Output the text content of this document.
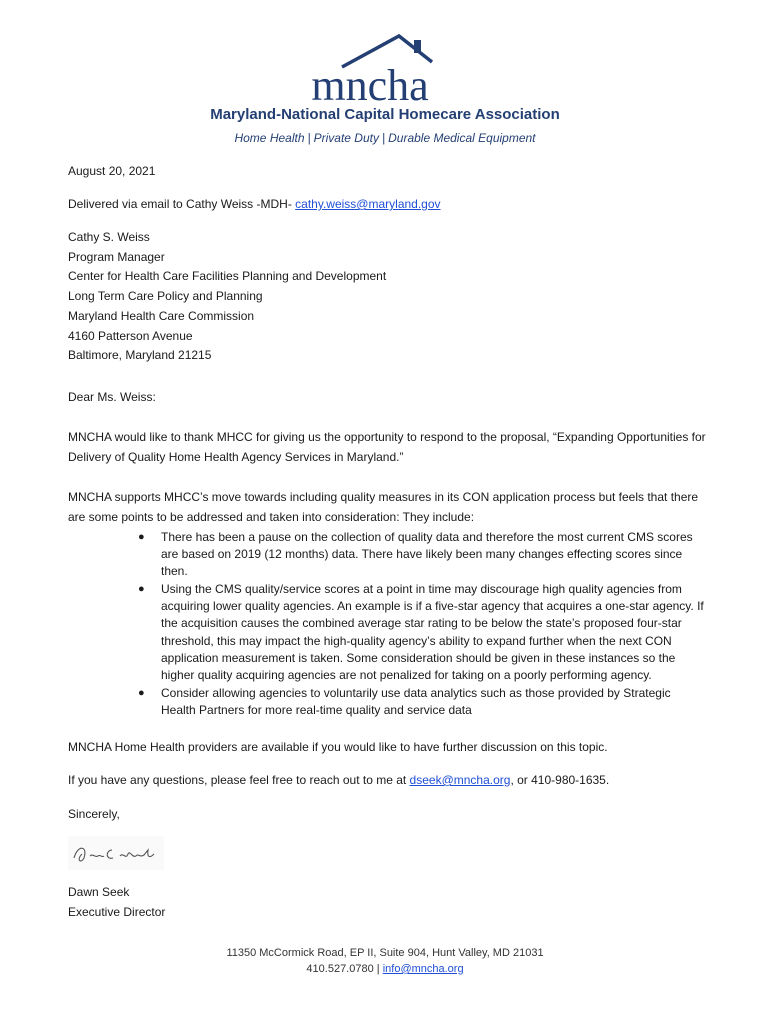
mncha
Maryland-National Capital Homecare Association
Home Health | Private Duty | Durable Medical Equipment
August 20, 2021
Delivered via email to Cathy Weiss -MDH- cathy.weiss@maryland.gov
Cathy S. Weiss
Program Manager
Center for Health Care Facilities Planning and Development
Long Term Care Policy and Planning
Maryland Health Care Commission
4160 Patterson Avenue
Baltimore, Maryland 21215
Dear Ms. Weiss:
MNCHA would like to thank MHCC for giving us the opportunity to respond to the proposal, “Expanding Opportunities for Delivery of Quality Home Health Agency Services in Maryland.”
MNCHA supports MHCC’s move towards including quality measures in its CON application process but feels that there are some points to be addressed and taken into consideration: They include:
● There has been a pause on the collection of quality data and therefore the most current CMS scores are based on 2019 (12 months) data. There have likely been many changes effecting scores since then.
● Using the CMS quality/service scores at a point in time may discourage high quality agencies from acquiring lower quality agencies. An example is if a five-star agency that acquires a one-star agency. If the acquisition causes the combined average star rating to be below the state’s proposed four-star threshold, this may impact the high-quality agency’s ability to expand further when the next CON application measurement is taken. Some consideration should be given in these instances so the higher quality acquiring agencies are not penalized for taking on a poorly performing agency.
● Consider allowing agencies to voluntarily use data analytics such as those provided by Strategic Health Partners for more real-time quality and service data
MNCHA Home Health providers are available if you would like to have further discussion on this topic.
If you have any questions, please feel free to reach out to me at dseek@mncha.org, or 410-980-1635.
Sincerely,
Dawn Seek
Executive Director
11350 McCormick Road, EP II, Suite 904, Hunt Valley, MD 21031
410.527.0780 | info@mncha.org
